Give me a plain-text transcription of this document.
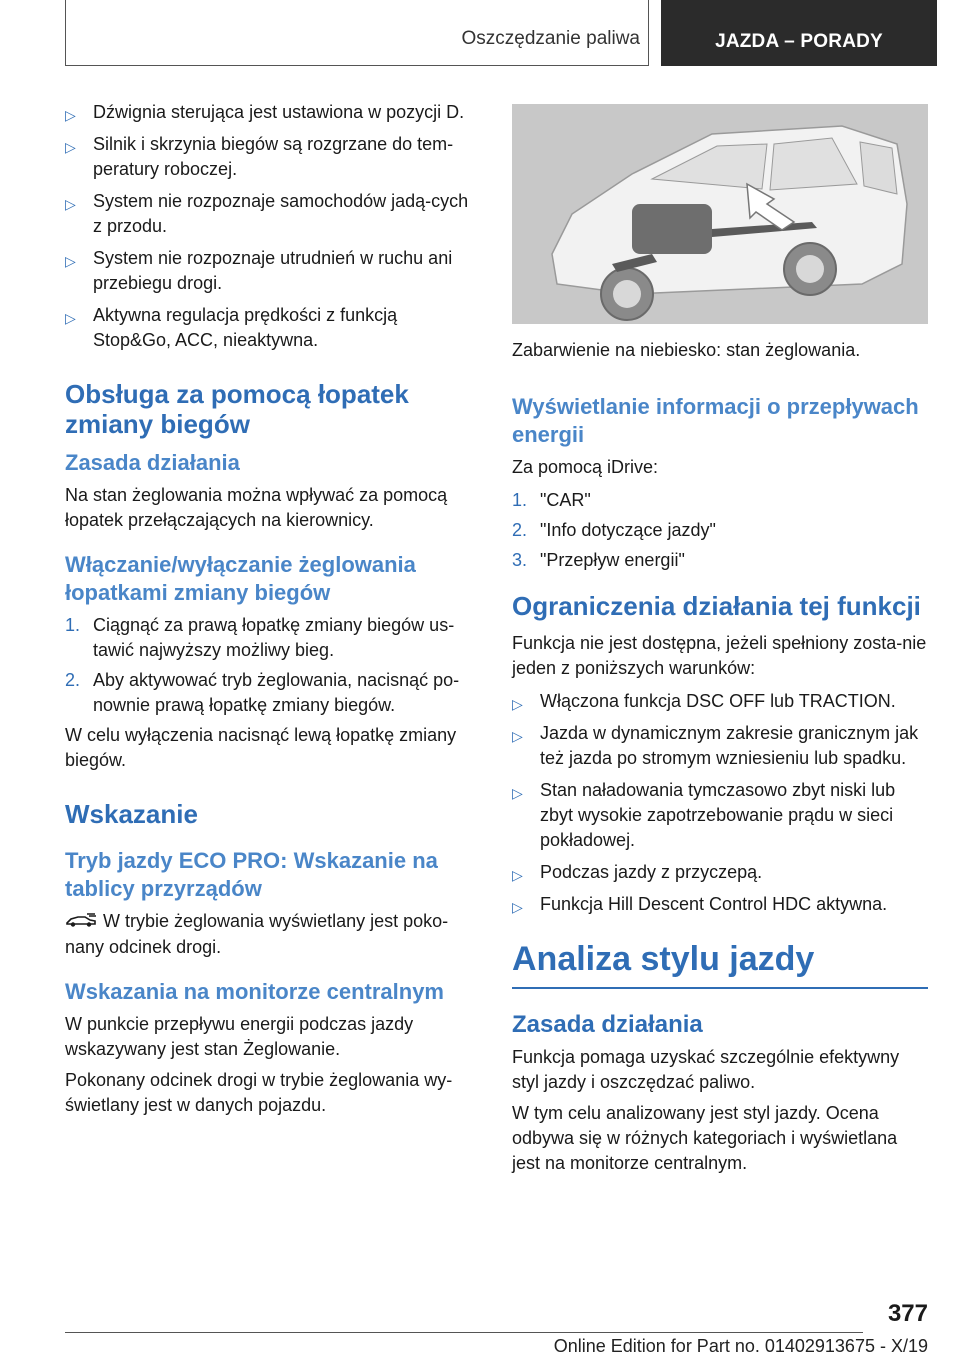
Oszczędzanie paliwa	JAZDA – PORADY
▷ Dźwignia sterująca jest ustawiona w pozycji D.
▷ Silnik i skrzynia biegów są rozgrzane do tem-peratury roboczej.
▷ System nie rozpoznaje samochodów jadą-cych z przodu.
▷ System nie rozpoznaje utrudnień w ruchu ani przebiegu drogi.
▷ Aktywna regulacja prędkości z funkcją Stop&Go, ACC, nieaktywna.
Obsługa za pomocą łopatek zmiany biegów
Zasada działania

Na stan żeglowania można wpływać za pomocą łopatek przełączających na kierownicy.

Włączanie/wyłączanie żeglowania łopatkami zmiany biegów
1. Ciągnąć za prawą łopatkę zmiany biegów us-tawić najwyższy możliwy bieg.
2. Aby aktywować tryb żeglowania, nacisnąć po-nownie prawą łopatkę zmiany biegów.

W celu wyłączenia nacisnąć lewą łopatkę zmiany biegów.

Wskazanie
Tryb jazdy ECO PRO: Wskazanie na tablicy przyrządów

W trybie żeglowania wyświetlany jest poko-nany odcinek drogi.

Wskazania na monitorze centralnym

W punkcie przepływu energii podczas jazdy wskazywany jest stan Żeglowanie.

Pokonany odcinek drogi w trybie żeglowania wy-świetlany jest w danych pojazdu.

Zabarwienie na niebiesko: stan żeglowania.

Wyświetlanie informacji o przepływach energii

Za pomocą iDrive:

1. "CAR"
2. "Info dotyczące jazdy"
3. "Przepływ energii"
Ograniczenia działania tej funkcji

Funkcja nie jest dostępna, jeżeli spełniony zosta-nie jeden z poniższych warunków:

▷ Włączona funkcja DSC OFF lub TRACTION.
▷ Jazda w dynamicznym zakresie granicznym jak też jazda po stromym wzniesieniu lub spadku.
▷ Stan naładowania tymczasowo zbyt niski lub zbyt wysokie zapotrzebowanie prądu w sieci pokładowej.
▷ Podczas jazdy z przyczepą.
▷ Funkcja Hill Descent Control HDC aktywna.
Analiza stylu jazdy
Zasada działania

Funkcja pomaga uzyskać szczególnie efektywny styl jazdy i oszczędzać paliwo.

W tym celu analizowany jest styl jazdy. Ocena odbywa się w różnych kategoriach i wyświetlana jest na monitorze centralnym.

377
Online Edition for Part no. 01402913675 - X/19
